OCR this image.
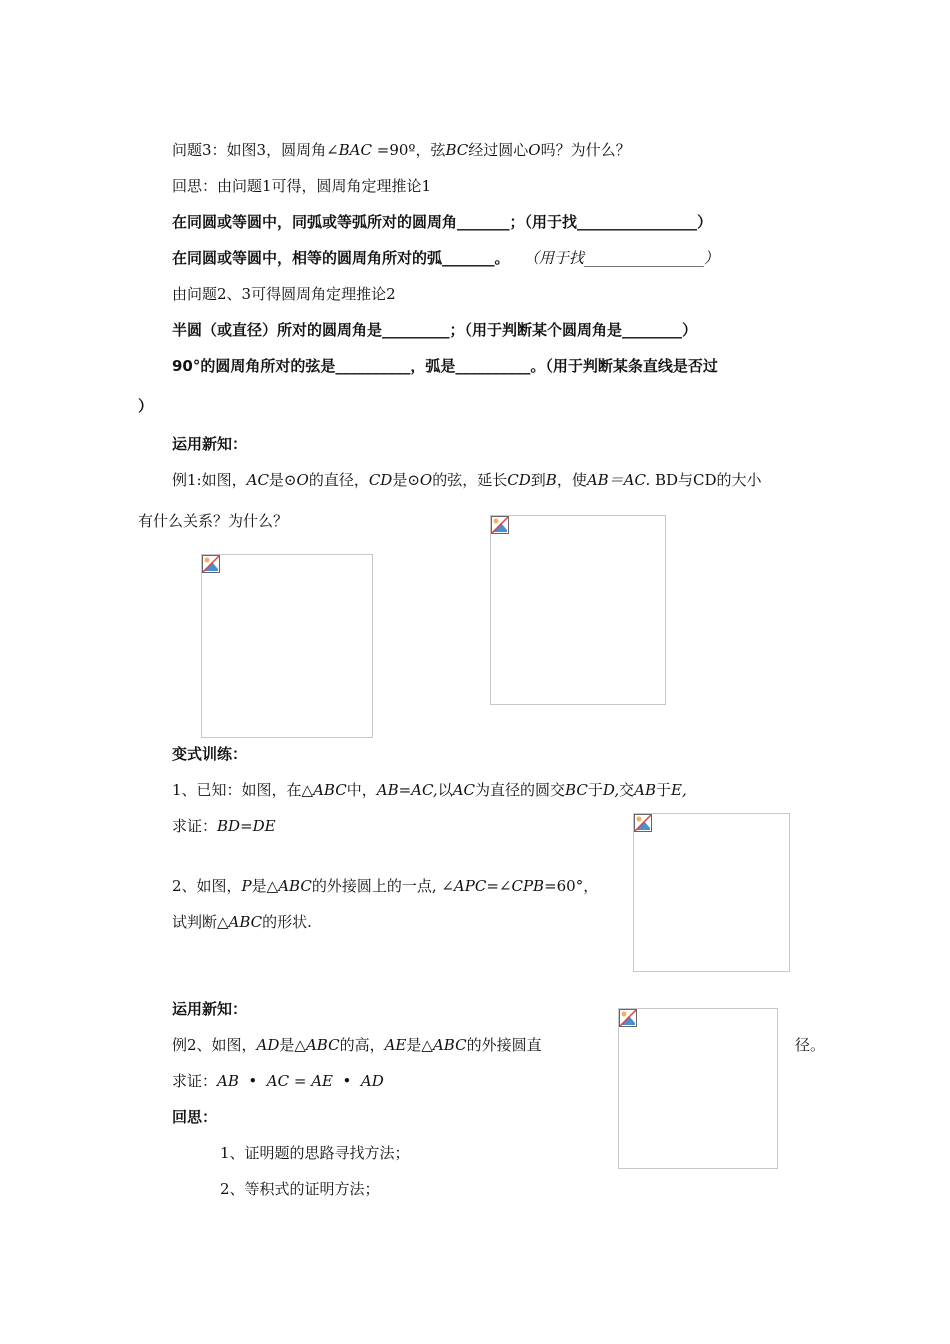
问题3：如图3，圆周角∠BAC =90º，弦BC经过圆心O吗？为什么？
回思：由问题1可得，圆周角定理推论1
在同圆或等圆中，同弧或等弧所对的圆周角_______；（用于找________________）
在同圆或等圆中，相等的圆周角所对的弧_______。 （用于找________________）
由问题2、3可得圆周角定理推论2
半圆（或直径）所对的圆周角是_________；（用于判断某个圆周角是________）
90°的圆周角所对的弦是__________，弧是__________。（用于判断某条直线是否过
）
运用新知：
例1:如图，AC是⊙O的直径，CD是⊙O的弦，延长CD到B，使AB＝AC. BD与CD的大小
有什么关系？为什么？
变式训练：
1、已知：如图，在△ABC中，AB=AC,以AC为直径的圆交BC于D,交AB于E,
求证：BD=DE
2、如图，P是△ABC的外接圆上的一点, ∠APC=∠CPB=60°，
试判断△ABC的形状.
运用新知：
例2、如图，AD是△ABC的高，AE是△ABC的外接圆直	径。
求证：AB  •  AC = AE  •  AD
回思：
1、证明题的思路寻找方法；
2、等积式的证明方法；
